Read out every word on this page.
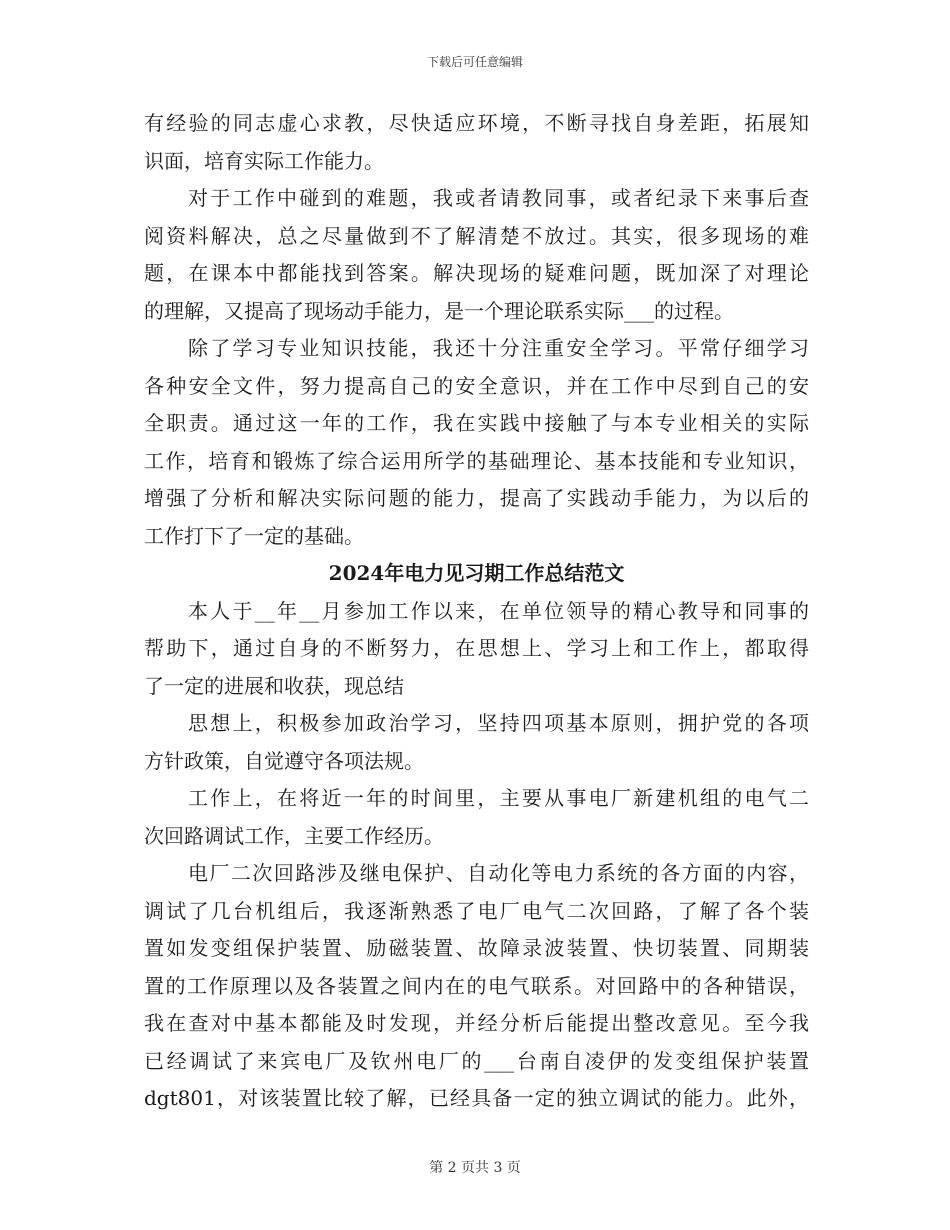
下载后可任意编辑
有经验的同志虚心求教，尽快适应环境，不断寻找自身差距，拓展知
识面，培育实际工作能力。
对于工作中碰到的难题，我或者请教同事，或者纪录下来事后查
阅资料解决，总之尽量做到不了解清楚不放过。其实，很多现场的难
题，在课本中都能找到答案。解决现场的疑难问题，既加深了对理论
的理解，又提高了现场动手能力，是一个理论联系实际___的过程。
除了学习专业知识技能，我还十分注重安全学习。平常仔细学习
各种安全文件，努力提高自己的安全意识，并在工作中尽到自己的安
全职责。通过这一年的工作，我在实践中接触了与本专业相关的实际
工作，培育和锻炼了综合运用所学的基础理论、基本技能和专业知识，
增强了分析和解决实际问题的能力，提高了实践动手能力，为以后的
工作打下了一定的基础。
2024年电力见习期工作总结范文
本人于__年__月参加工作以来，在单位领导的精心教导和同事的
帮助下，通过自身的不断努力，在思想上、学习上和工作上，都取得
了一定的进展和收获，现总结
思想上，积极参加政治学习，坚持四项基本原则，拥护党的各项
方针政策，自觉遵守各项法规。
工作上，在将近一年的时间里，主要从事电厂新建机组的电气二
次回路调试工作，主要工作经历。
电厂二次回路涉及继电保护、自动化等电力系统的各方面的内容，
调试了几台机组后，我逐渐熟悉了电厂电气二次回路，了解了各个装
置如发变组保护装置、励磁装置、故障录波装置、快切装置、同期装
置的工作原理以及各装置之间内在的电气联系。对回路中的各种错误，
我在查对中基本都能及时发现，并经分析后能提出整改意见。至今我
已经调试了来宾电厂及钦州电厂的___台南自凌伊的发变组保护装置
dgt801，对该装置比较了解，已经具备一定的独立调试的能力。此外，
第 2 页共 3 页
